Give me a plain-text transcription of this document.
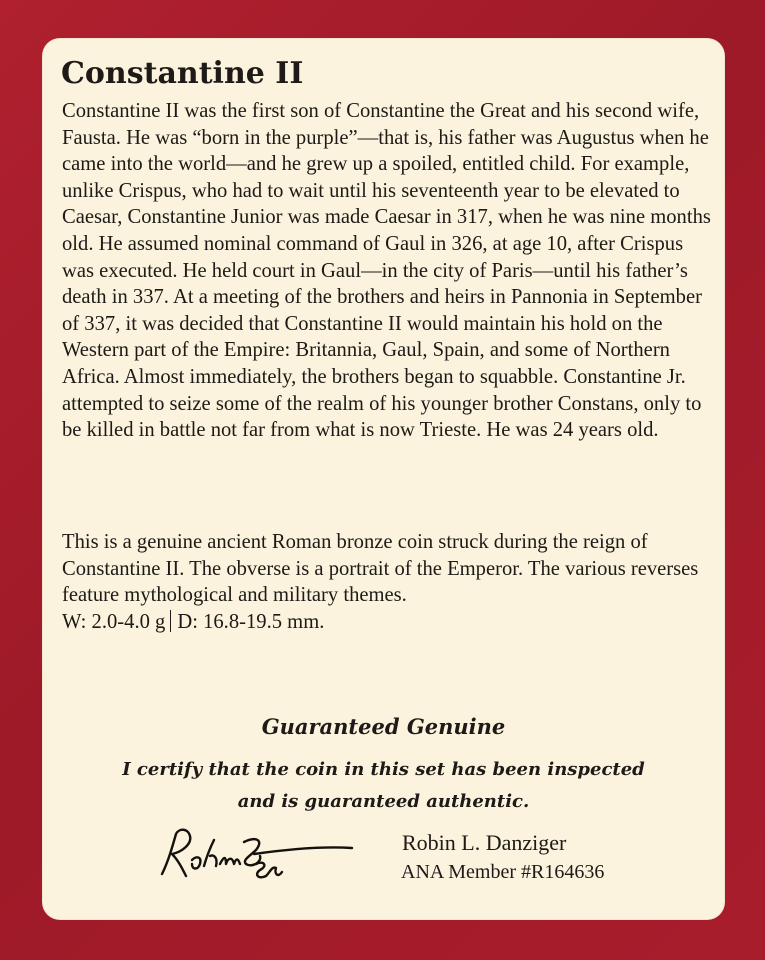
Constantine II

Constantine II was the first son of Constantine the Great and his second wife, Fausta. He was “born in the purple”—that is, his father was Augustus when he came into the world—and he grew up a spoiled, entitled child. For example, unlike Crispus, who had to wait until his seventeenth year to be elevated to Caesar, Constantine Junior was made Caesar in 317, when he was nine months old. He assumed nominal command of Gaul in 326, at age 10, after Crispus was executed. He held court in Gaul—in the city of Paris—until his father’s death in 337. At a meeting of the brothers and heirs in Pannonia in September of 337, it was decided that Constantine II would maintain his hold on the Western part of the Empire: Britannia, Gaul, Spain, and some of Northern Africa. Almost immediately, the brothers began to squabble. Constantine Jr. attempted to seize some of the realm of his younger brother Constans, only to be killed in battle not far from what is now Trieste. He was 24 years old.

This is a genuine ancient Roman bronze coin struck during the reign of Constantine II. The obverse is a portrait of the Emperor. The various reverses feature mythological and military themes.

W: 2.0-4.0 g D: 16.8-19.5 mm.

Guaranteed Genuine

I certify that the coin in this set has been inspected
and is guaranteed authentic.

Robin L. Danziger

ANA Member #R164636
